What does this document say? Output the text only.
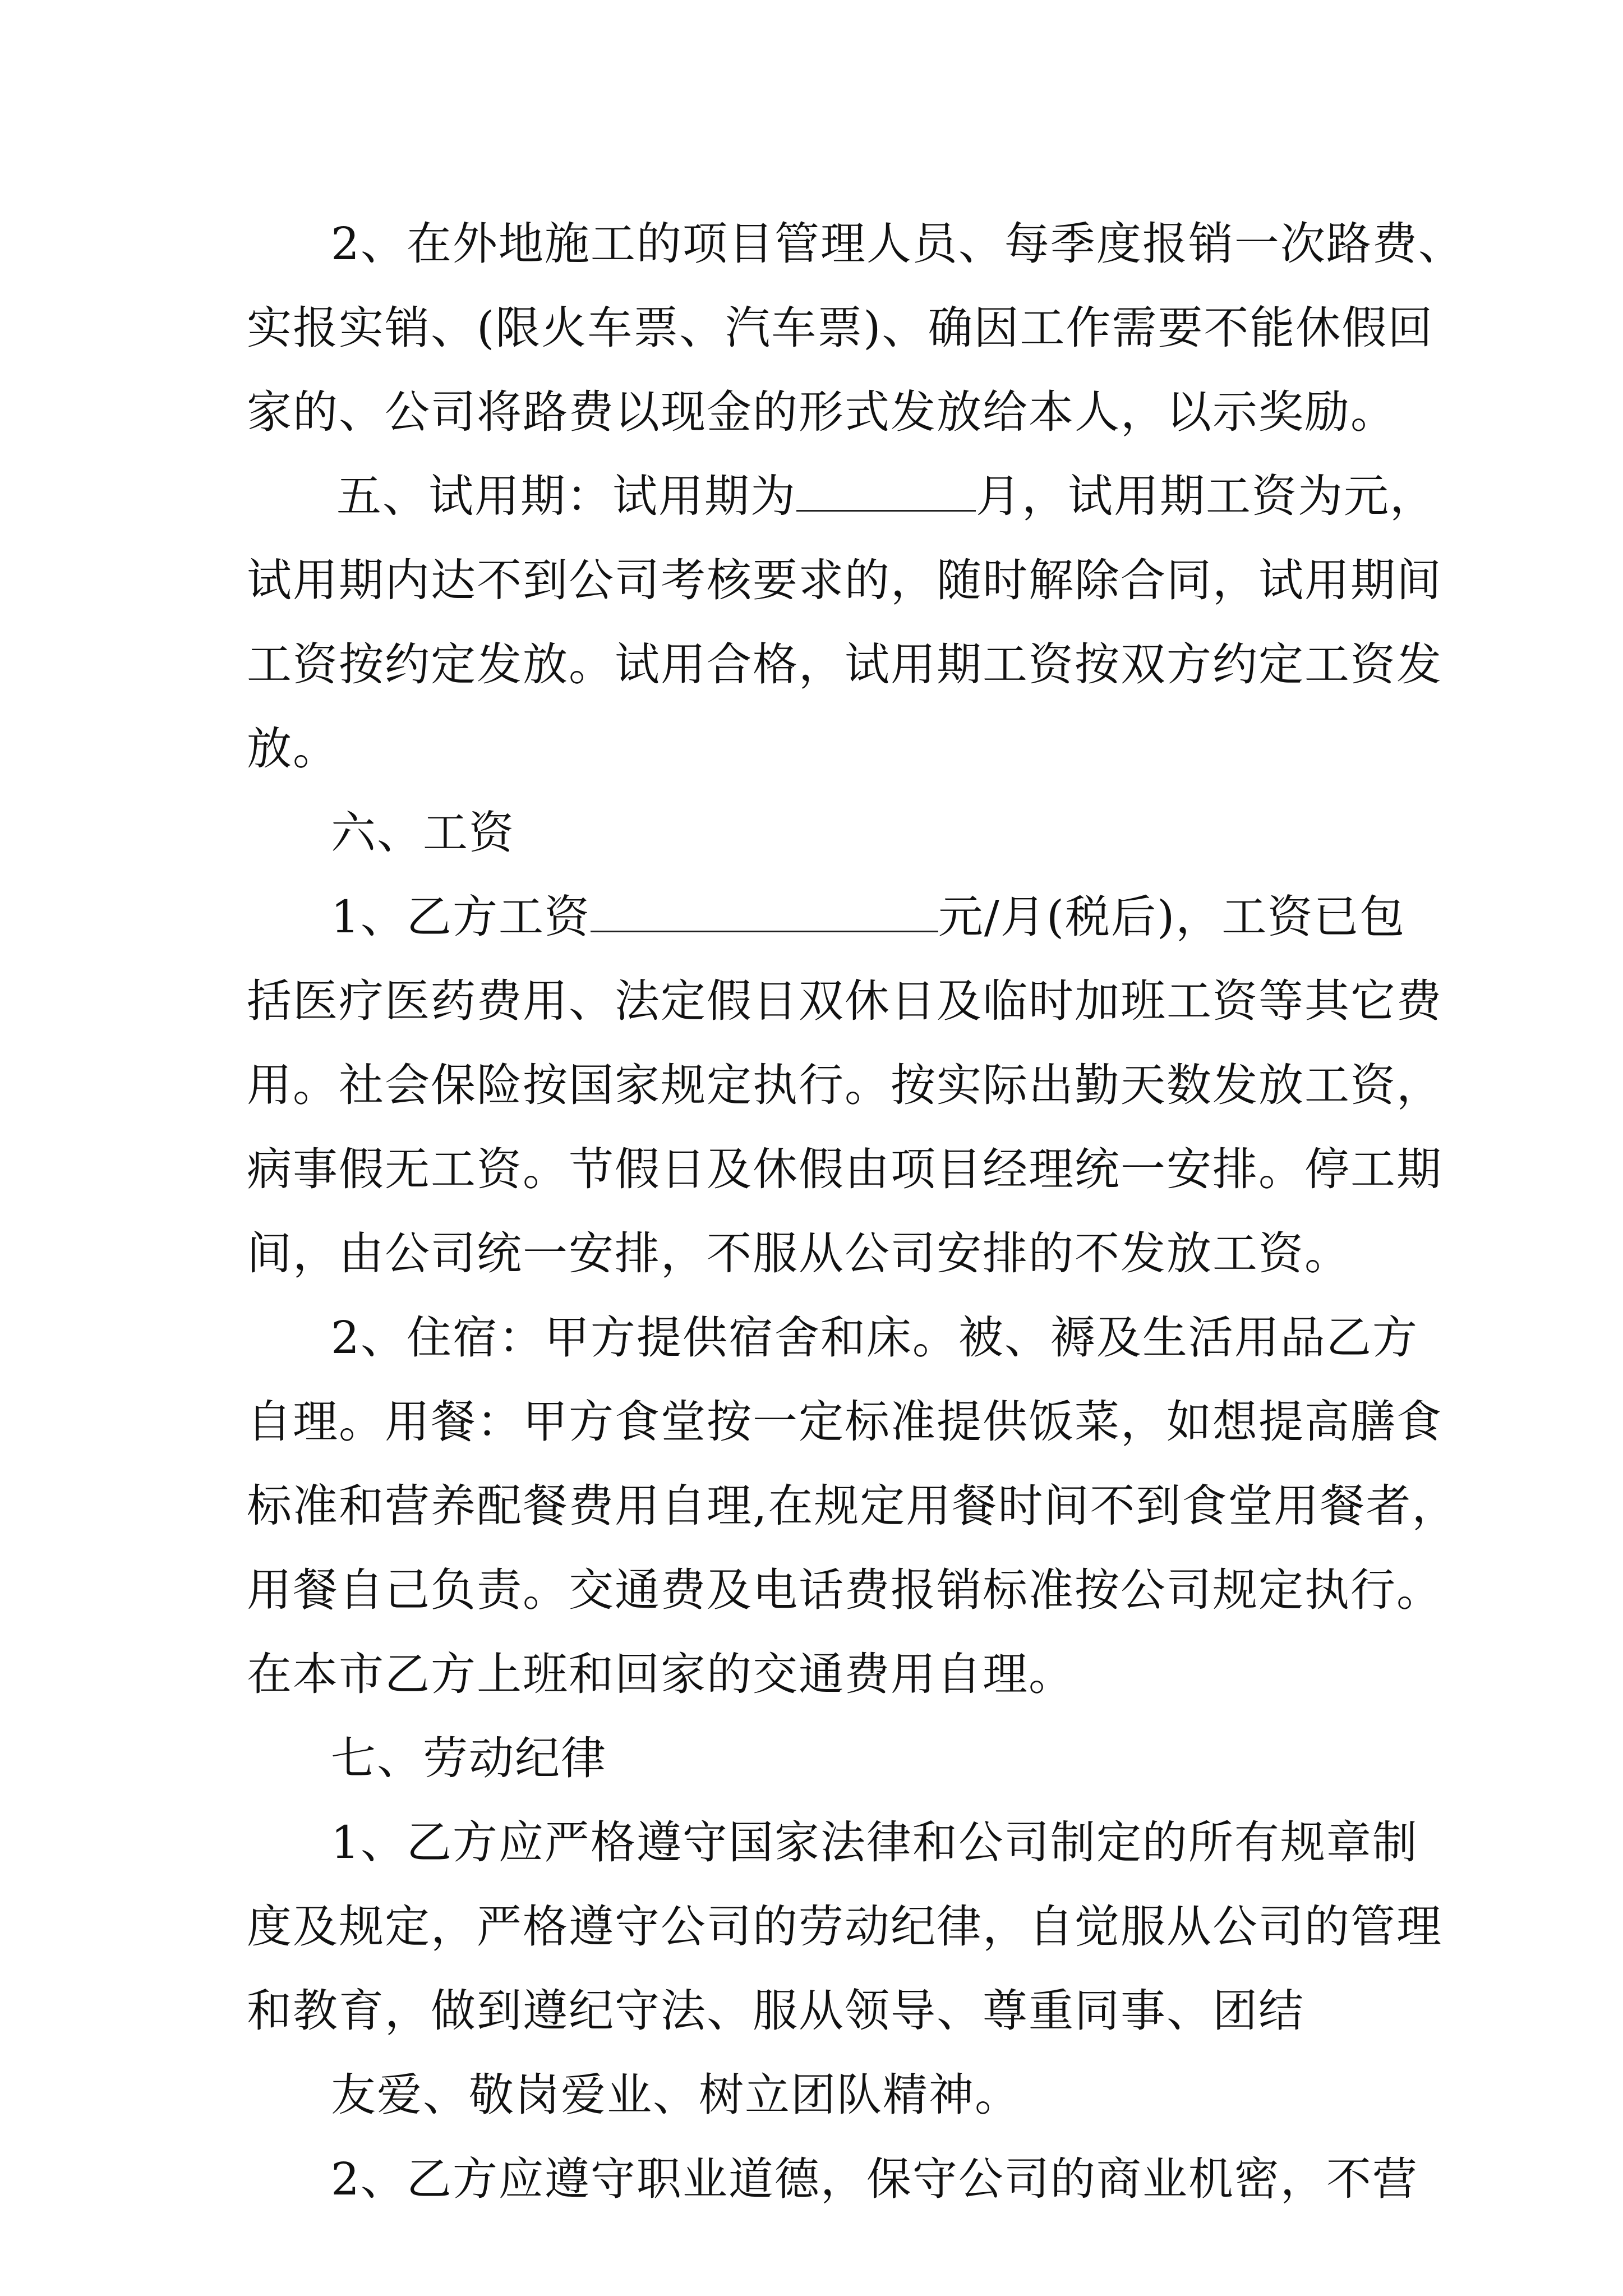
2、在外地施工的项目管理人员、每季度报销一次路费、
实报实销、(限火车票、汽车票)、确因工作需要不能休假回
家的、公司将路费以现金的形式发放给本人，以示奖励。
五、试用期：试用期为	月，试用期工资为元，
试用期内达不到公司考核要求的，随时解除合同，试用期间
工资按约定发放。试用合格，试用期工资按双方约定工资发
放。
六、工资
1、乙方工资	元/月(税后)，工资已包
括医疗医药费用、法定假日双休日及临时加班工资等其它费
用。社会保险按国家规定执行。按实际出勤天数发放工资，
病事假无工资。节假日及休假由项目经理统一安排。停工期
间，由公司统一安排，不服从公司安排的不发放工资。
2、住宿：甲方提供宿舍和床。被、褥及生活用品乙方
自理。用餐：甲方食堂按一定标准提供饭菜，如想提高膳食
标准和营养配餐费用自理,在规定用餐时间不到食堂用餐者，
用餐自己负责。交通费及电话费报销标准按公司规定执行。
在本市乙方上班和回家的交通费用自理。
七、劳动纪律
1、乙方应严格遵守国家法律和公司制定的所有规章制
度及规定，严格遵守公司的劳动纪律，自觉服从公司的管理
和教育，做到遵纪守法、服从领导、尊重同事、团结
友爱、敬岗爱业、树立团队精神。
2、乙方应遵守职业道德，保守公司的商业机密，不营
